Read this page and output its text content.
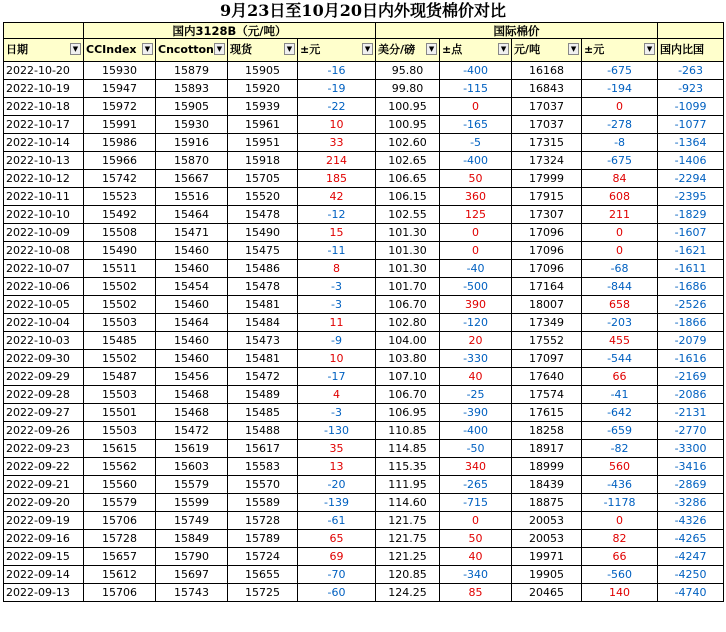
9月23日至10月20日内外现货棉价对比
	国内3128B（元/吨）				国际棉价				
日期 ▼	CCIndex ▼	Cncotton ▼	现货 ▼	±元 ▼	美分/磅 ▼	±点 ▼	元/吨 ▼	±元 ▼	国内比国
2022-10-20	15930	15879	15905	-16	95.80	-400	16168	-675	-263
2022-10-19	15947	15893	15920	-19	99.80	-115	16843	-194	-923
2022-10-18	15972	15905	15939	-22	100.95	0	17037	0	-1099
2022-10-17	15991	15930	15961	10	100.95	-165	17037	-278	-1077
2022-10-14	15986	15916	15951	33	102.60	-5	17315	-8	-1364
2022-10-13	15966	15870	15918	214	102.65	-400	17324	-675	-1406
2022-10-12	15742	15667	15705	185	106.65	50	17999	84	-2294
2022-10-11	15523	15516	15520	42	106.15	360	17915	608	-2395
2022-10-10	15492	15464	15478	-12	102.55	125	17307	211	-1829
2022-10-09	15508	15471	15490	15	101.30	0	17096	0	-1607
2022-10-08	15490	15460	15475	-11	101.30	0	17096	0	-1621
2022-10-07	15511	15460	15486	8	101.30	-40	17096	-68	-1611
2022-10-06	15502	15454	15478	-3	101.70	-500	17164	-844	-1686
2022-10-05	15502	15460	15481	-3	106.70	390	18007	658	-2526
2022-10-04	15503	15464	15484	11	102.80	-120	17349	-203	-1866
2022-10-03	15485	15460	15473	-9	104.00	20	17552	455	-2079
2022-09-30	15502	15460	15481	10	103.80	-330	17097	-544	-1616
2022-09-29	15487	15456	15472	-17	107.10	40	17640	66	-2169
2022-09-28	15503	15468	15489	4	106.70	-25	17574	-41	-2086
2022-09-27	15501	15468	15485	-3	106.95	-390	17615	-642	-2131
2022-09-26	15503	15472	15488	-130	110.85	-400	18258	-659	-2770
2022-09-23	15615	15619	15617	35	114.85	-50	18917	-82	-3300
2022-09-22	15562	15603	15583	13	115.35	340	18999	560	-3416
2022-09-21	15560	15579	15570	-20	111.95	-265	18439	-436	-2869
2022-09-20	15579	15599	15589	-139	114.60	-715	18875	-1178	-3286
2022-09-19	15706	15749	15728	-61	121.75	0	20053	0	-4326
2022-09-16	15728	15849	15789	65	121.75	50	20053	82	-4265
2022-09-15	15657	15790	15724	69	121.25	40	19971	66	-4247
2022-09-14	15612	15697	15655	-70	120.85	-340	19905	-560	-4250
2022-09-13	15706	15743	15725	-60	124.25	85	20465	140	-4740
